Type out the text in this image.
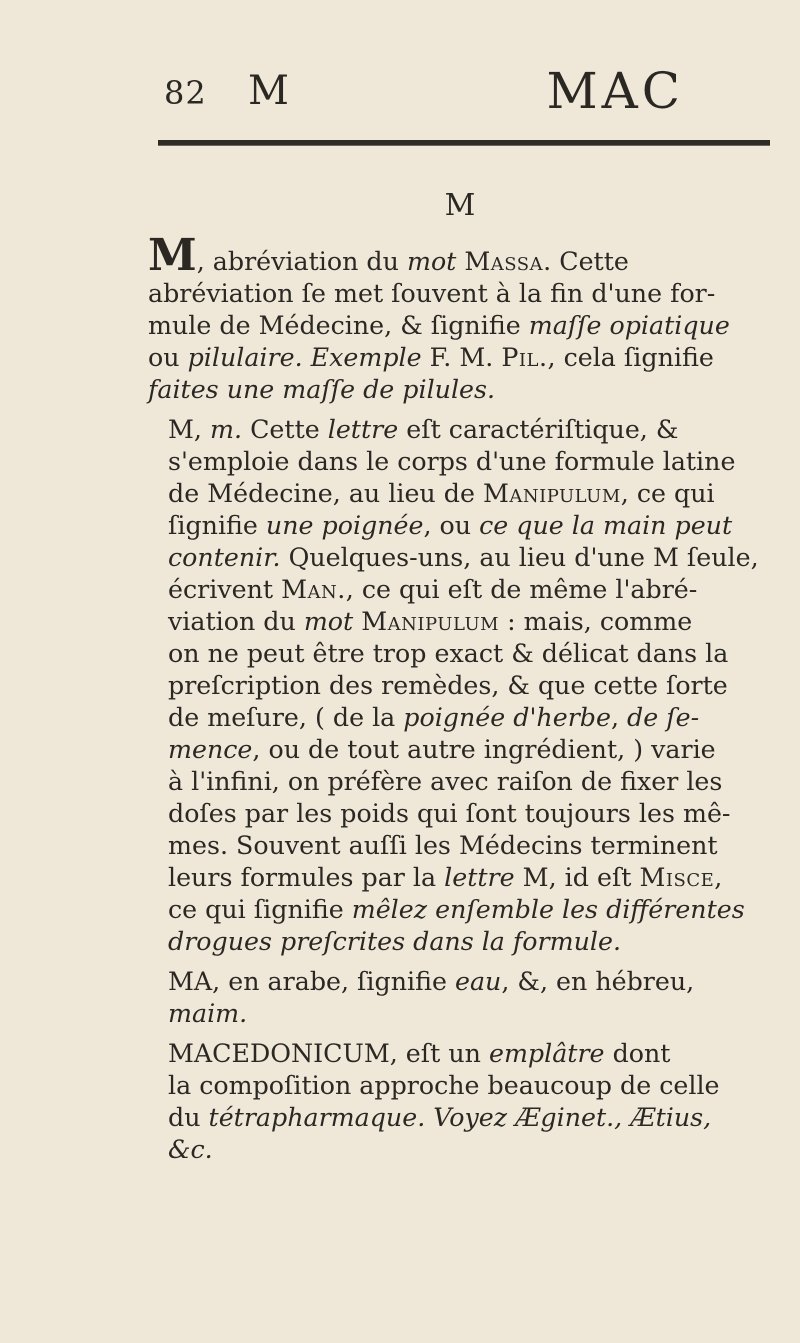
82 M	MAC
M
M, abréviation du mot Massa. Cette
abréviation ſe met ſouvent à la fin d'une for-
mule de Médecine, & ſignifie maſſe opiatique
ou pilulaire. Exemple F. M. Pil., cela ſignifie
faites une maſſe de pilules.
M, m. Cette lettre eſt caractériſtique, &
s'emploie dans le corps d'une formule latine
de Médecine, au lieu de Manipulum, ce qui
ſignifie une poignée, ou ce que la main peut
contenir. Quelques-uns, au lieu d'une M ſeule,
écrivent Man., ce qui eſt de même l'abré-
viation du mot Manipulum : mais, comme
on ne peut être trop exact & délicat dans la
preſcription des remèdes, & que cette ſorte
de meſure, ( de la poignée d'herbe, de ſe-
mence, ou de tout autre ingrédient, ) varie
à l'infini, on préfère avec raiſon de fixer les
doſes par les poids qui ſont toujours les mê-
mes. Souvent auſſi les Médecins terminent
leurs formules par la lettre M, id eſt Misce,
ce qui ſignifie mêlez enſemble les différentes
drogues preſcrites dans la formule.
MA, en arabe, ſignifie eau, &, en hébreu,
maim.
MACEDONICUM, eſt un emplâtre dont
la compoſition approche beaucoup de celle
du tétrapharmaque. Voyez Æginet., Ætius,
&c.
